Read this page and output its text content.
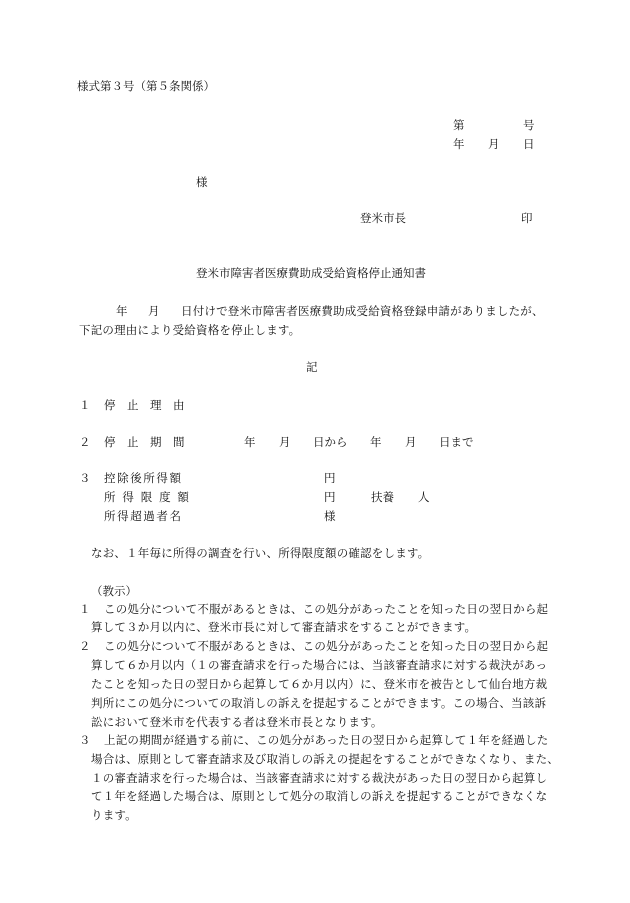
様式第３号（第５条関係）
第	号
年 月 日
様
登米市長	印
登米市障害者医療費助成受給資格停止通知書
年 月 日付けで登米市障害者医療費助成受給資格登録申請がありましたが、
下記の理由により受給資格を停止します。
記
１ 停　止　理　由
２ 停　止　期　間	年 月 日から 年 月 日まで
３ 控除後所得額	円
所 得 限 度 額	円	扶養 人
所得超過者名	様
なお、１年毎に所得の調査を行い、所得限度額の確認をします。
（教示）
１ この処分について不服があるときは、この処分があったことを知った日の翌日から起
算して３か月以内に、登米市長に対して審査請求をすることができます。
２ この処分について不服があるときは、この処分があったことを知った日の翌日から起
算して６か月以内（１の審査請求を行った場合には、当該審査請求に対する裁決があっ
たことを知った日の翌日から起算して６か月以内）に、登米市を被告として仙台地方裁
判所にこの処分についての取消しの訴えを提起することができます。この場合、当該訴
訟において登米市を代表する者は登米市長となります。
３ 上記の期間が経過する前に、この処分があった日の翌日から起算して１年を経過した
場合は、原則として審査請求及び取消しの訴えの提起をすることができなくなり、また、
１の審査請求を行った場合は、当該審査請求に対する裁決があった日の翌日から起算し
て１年を経過した場合は、原則として処分の取消しの訴えを提起することができなくな
ります。
